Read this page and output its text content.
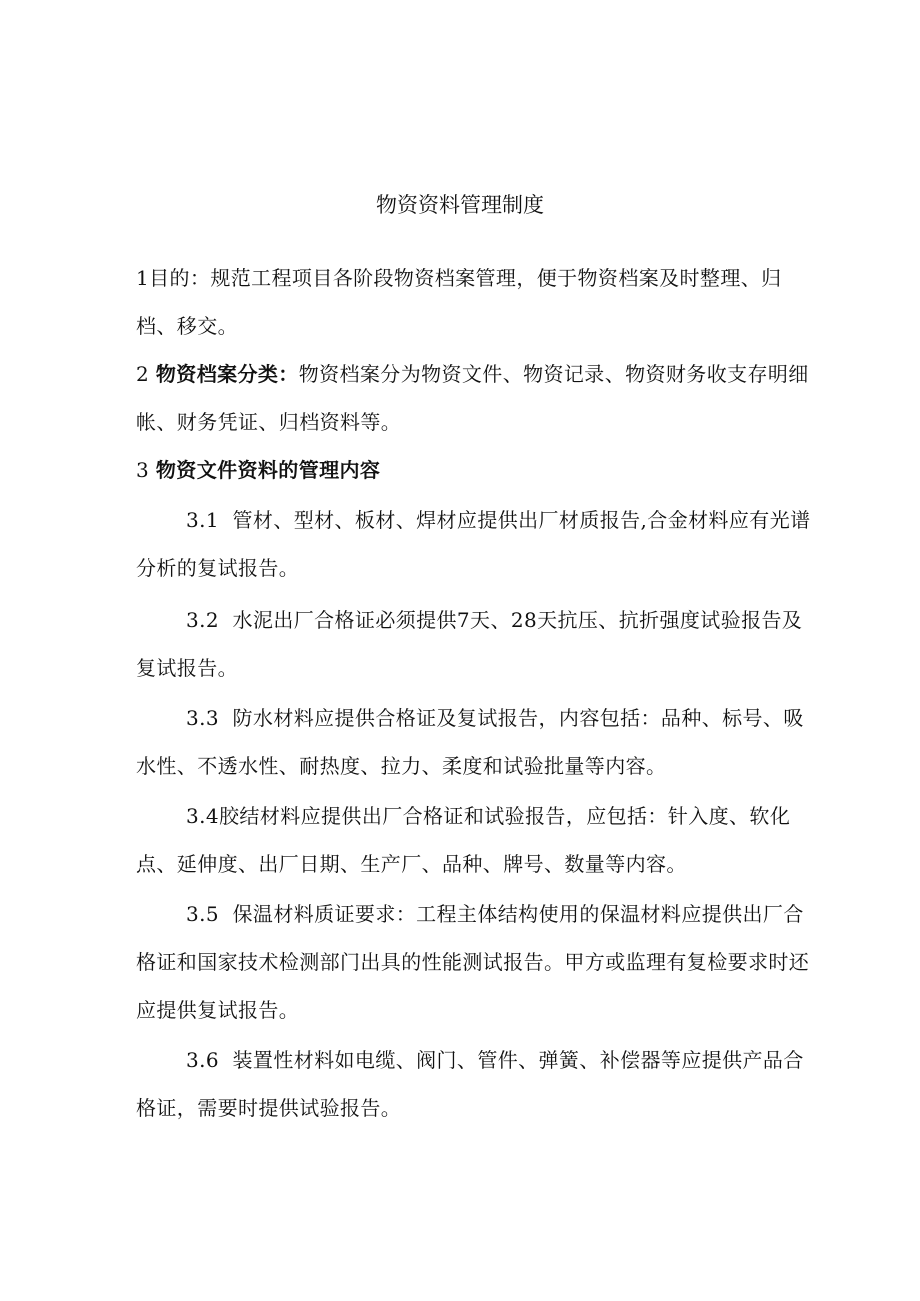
物资资料管理制度

1目的：规范工程项目各阶段物资档案管理，便于物资档案及时整理、归档、移交。

2 物资档案分类：物资档案分为物资文件、物资记录、物资财务收支存明细帐、财务凭证、归档资料等。

3 物资文件资料的管理内容

3.1 管材、型材、板材、焊材应提供出厂材质报告,合金材料应有光谱分析的复试报告。

3.2 水泥出厂合格证必须提供7天、28天抗压、抗折强度试验报告及复试报告。

3.3 防水材料应提供合格证及复试报告，内容包括：品种、标号、吸水性、不透水性、耐热度、拉力、柔度和试验批量等内容。

3.4胶结材料应提供出厂合格证和试验报告，应包括：针入度、软化点、延伸度、出厂日期、生产厂、品种、牌号、数量等内容。

3.5 保温材料质证要求：工程主体结构使用的保温材料应提供出厂合格证和国家技术检测部门出具的性能测试报告。甲方或监理有复检要求时还应提供复试报告。

3.6 装置性材料如电缆、阀门、管件、弹簧、补偿器等应提供产品合格证，需要时提供试验报告。
